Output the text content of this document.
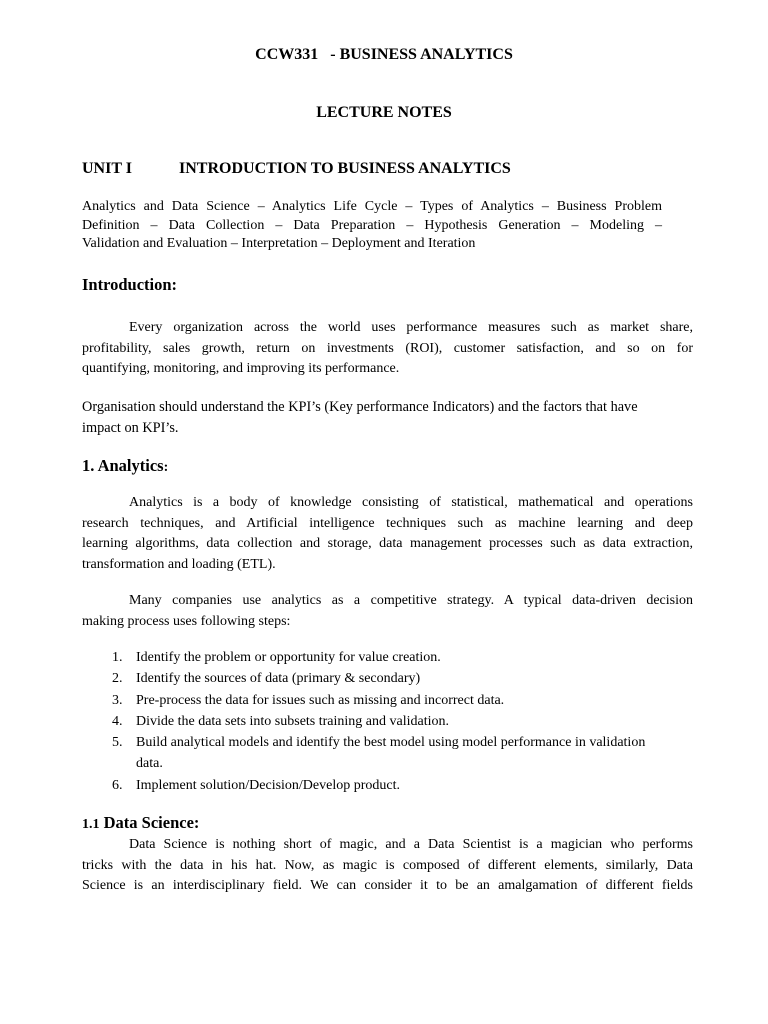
CCW331   - BUSINESS ANALYTICS
LECTURE NOTES
UNIT I	INTRODUCTION TO BUSINESS ANALYTICS
Analytics and Data Science – Analytics Life Cycle – Types of Analytics – Business Problem
Definition – Data Collection – Data Preparation – Hypothesis Generation – Modeling –
Validation and Evaluation – Interpretation – Deployment and Iteration
Introduction:
Every organization across the world uses performance measures such as market share,
profitability, sales growth, return on investments (ROI), customer satisfaction, and so on for
quantifying, monitoring, and improving its performance.
Organisation should understand the KPI’s (Key performance Indicators) and the factors that have
impact on KPI’s.
1. Analytics:
Analytics is a body of knowledge consisting of statistical, mathematical and operations
research techniques, and Artificial intelligence techniques such as machine learning and deep
learning algorithms, data collection and storage, data management processes such as data extraction,
transformation and loading (ETL).
Many companies use analytics as a competitive strategy. A typical data-driven decision
making process uses following steps:
1. Identify the problem or opportunity for value creation.
2. Identify the sources of data (primary & secondary)
3. Pre-process the data for issues such as missing and incorrect data.
4. Divide the data sets into subsets training and validation.
5. Build analytical models and identify the best model using model performance in validation
data.
6. Implement solution/Decision/Develop product.
1.1 Data Science:
Data Science is nothing short of magic, and a Data Scientist is a magician who performs
tricks with the data in his hat. Now, as magic is composed of different elements, similarly, Data
Science is an interdisciplinary field. We can consider it to be an amalgamation of different fields
